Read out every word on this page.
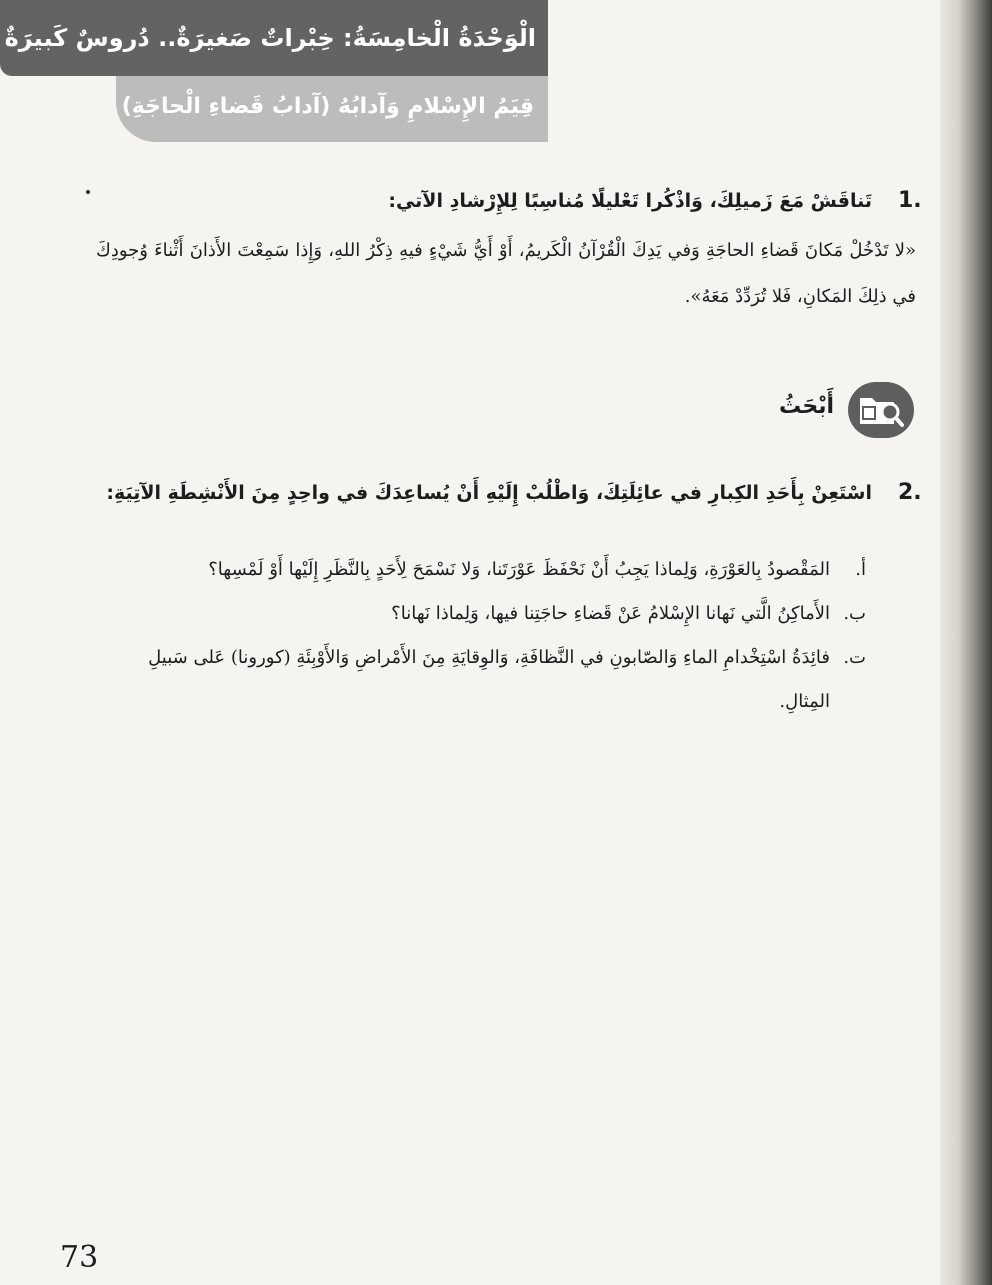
الْوَحْدَةُ الْخامِسَةُ: خِبْراتٌ صَغيرَةٌ.. دُروسٌ كَبيرَةٌ
قِيَمُ الإِسْلامِ وَآدابُهُ (آدابُ قَضاءِ الْحاجَةِ)
1.
تَناقَشْ مَعَ زَميلِكَ، وَاذْكُرا تَعْليلًا مُناسِبًا لِلإِرْشادِ الآتي:
«لا تَدْخُلْ مَكانَ قَضاءِ الحاجَةِ وَفي يَدِكَ الْقُرْآنُ الْكَريمُ، أَوْ أَيُّ شَيْءٍ فيهِ ذِكْرُ اللهِ، وَإِذا سَمِعْتَ الأَذانَ أَثْناءَ وُجودِكَ في ذلِكَ المَكانِ، فَلا تُرَدِّدْ مَعَهُ».
أَبْحَثُ
2.
اسْتَعِنْ بِأَحَدِ الكِبارِ في عائِلَتِكَ، وَاطْلُبْ إِلَيْهِ أَنْ يُساعِدَكَ في واحِدٍ مِنَ الأَنْشِطَةِ الآتِيَةِ:
أ.
المَقْصودُ بِالعَوْرَةِ، وَلِماذا يَجِبُ أَنْ نَحْفَظَ عَوْرَتَنا، وَلا نَسْمَحَ لِأَحَدٍ بِالنَّظَرِ إِلَيْها أَوْ لَمْسِها؟
ب.
الأَماكِنُ الَّتي نَهانا الإِسْلامُ عَنْ قَضاءِ حاجَتِنا فيها، وَلِماذا نَهانا؟
ت.
فائِدَةُ اسْتِخْدامِ الماءِ وَالصّابونِ في النَّظافَةِ، وَالوِقايَةِ مِنَ الأَمْراضِ وَالأَوْبِئَةِ (كورونا) عَلى سَبيلِ المِثالِ.
73
